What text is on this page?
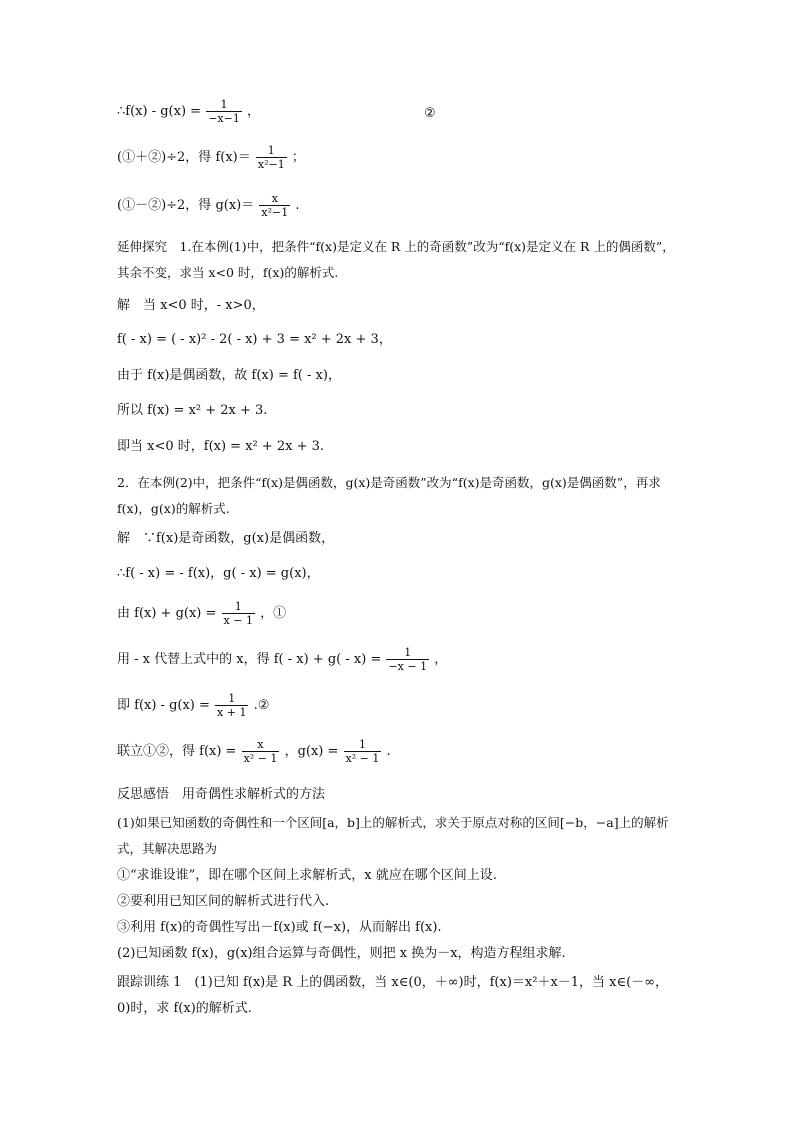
∴f(x) - $g(x) = \frac{1}{-x-1}$ ，	②
(①＋②)÷2，得 $f(x)= \frac{1}{\text{x²−1}}$ ；
(①－②)÷2，得 $g(x)= \frac{x}{\text{x²−1}}$ .
延伸探究　1.在本例(1)中，把条件“f(x)是定义在 R 上的奇函数”改为“f(x)是定义在 R 上的偶函数”，其余不变，求当 x<0 时，f(x)的解析式.
解　当 x<0 时，- x>0，
f( - x) = ( - x)² - 2( - x) + 3 = x² + 2x + 3，
由于 f(x)是偶函数，故 f(x) = f( - x)，
所以 f(x) = x² + 2x + 3.
即当 x<0 时，f(x) = x² + 2x + 3.
2．在本例(2)中，把条件“f(x)是偶函数，g(x)是奇函数”改为“f(x)是奇函数，g(x)是偶函数”，再求 f(x)，g(x)的解析式.
解　∵f(x)是奇函数，g(x)是偶函数，
∴f( - x) = - f(x)，g( - x) = g(x)，
由 $f(x) + g(x) = \frac{1}{x - 1}$ ，①
用 - x 代替上式中的 x，得 $f( - x) + g( - x) = \frac{1}{-x - 1}$ ，
即 $f(x) - g(x) = \frac{1}{x + 1}$ .②
联立①②，得 $f(x) = \frac{x}{\text{x² − 1}}$ ，$g(x) = \frac{1}{\text{x² − 1}}$ .
反思感悟　用奇偶性求解析式的方法
(1)如果已知函数的奇偶性和一个区间[a，b]上的解析式，求关于原点对称的区间[−b，−a]上的解析式，其解决思路为
①“求谁设谁”，即在哪个区间上求解析式，x 就应在哪个区间上设.
②要利用已知区间的解析式进行代入.
③利用 f(x)的奇偶性写出－f(x)或 f(−x)，从而解出 f(x).
(2)已知函数 f(x)，g(x)组合运算与奇偶性，则把 x 换为－x，构造方程组求解.
跟踪训练 1　(1)已知 f(x)是 R 上的偶函数，当 x∈(0，＋∞)时，f(x)＝x²＋x－1，当 x∈(－∞，0)时，求 f(x)的解析式.
